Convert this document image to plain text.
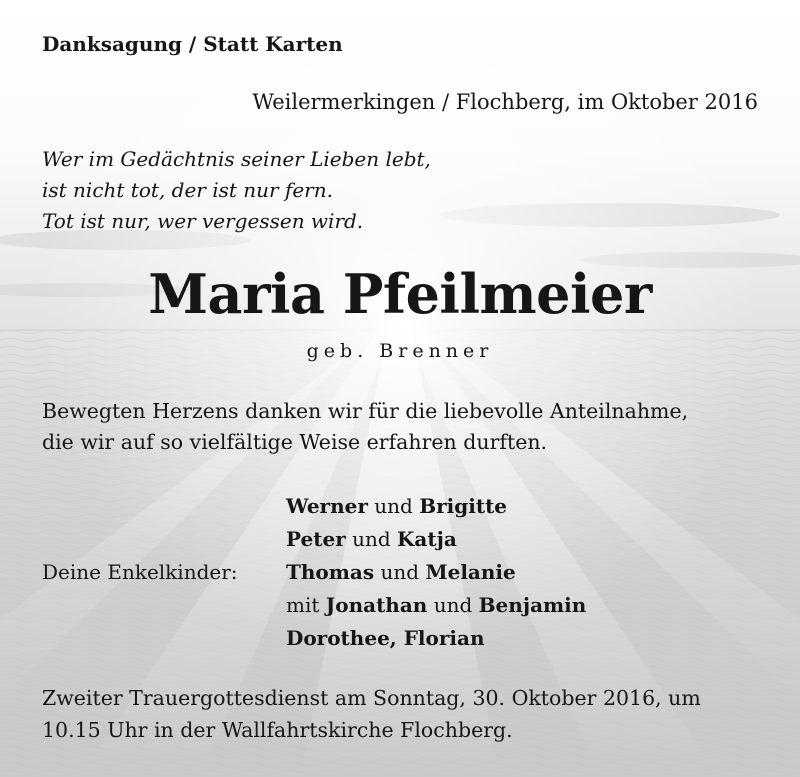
Danksagung / Statt Karten
Weilermerkingen / Flochberg, im Oktober 2016
Wer im Gedächtnis seiner Lieben lebt,
ist nicht tot, der ist nur fern.
Tot ist nur, wer vergessen wird.
Maria Pfeilmeier
geb. Brenner
Bewegten Herzens danken wir für die liebevolle Anteilnahme,
die wir auf so vielfältige Weise erfahren durften.
Werner und Brigitte
Peter und Katja
Thomas und Melanie
mit Jonathan und Benjamin
Dorothee, Florian
Deine Enkelkinder:
Zweiter Trauergottesdienst am Sonntag, 30. Oktober 2016, um
10.15 Uhr in der Wallfahrtskirche Flochberg.
